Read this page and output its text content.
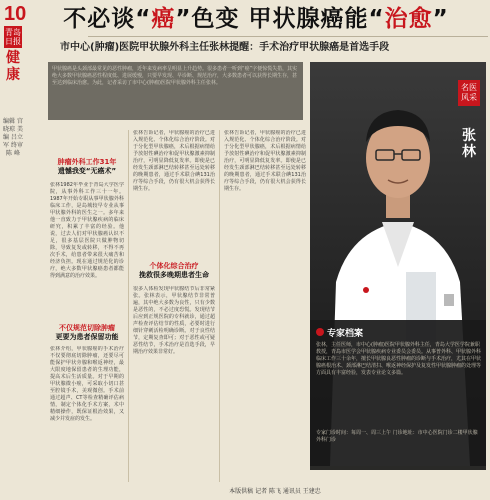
10
青岛日报
健康
编辑 宫晓琼 美编 吕立军 终审 陈 峰
不必谈“癌”色变 甲状腺癌能“治愈”
市中心(肿瘤)医院甲状腺外科主任张林提醒：手术治疗甲状腺癌是首选手段
甲状腺癌是头颈部最常见的恶性肿瘤，近年来发病率呈明显上升趋势。很多患者一听到“癌”字便惊慌失措，其实绝大多数甲状腺癌恶性程度低、进展缓慢，只要早发现、早诊断、规范治疗，大多数患者可以获得长期生存，甚至达到临床治愈。为此，记者采访了市中心(肿瘤)医院甲状腺外科主任张林。	名医风采
张林
专家档案
张林，主任医师，市中心(肿瘤)医院甲状腺外科主任，青岛大学医学院兼职教授，青岛市医学会甲状腺疾病专业委员会委员。从事普外科、甲状腺外科临床工作三十余年，擅长甲状腺良恶性肿瘤的诊断与手术治疗，尤其在甲状腺癌根治术、颈部淋巴结清扫、喉返神经保护及复发性甲状腺肿瘤的处理等方面具有丰富经验，发表专业论文多篇。
专家门诊时间：每周一、周三上午 门诊地址：市中心医院门诊二楼甲状腺外科门诊
肿瘤外科工作31年
遗憾我变“无癌术”
张林1982年毕业于青岛大学医学院，从事外科工作三十一年。1987年开始专职从事甲状腺外科临床工作，是岛城较早专业从事甲状腺外科的医生之一。多年来他一直致力于甲状腺疾病的临床研究，积累了丰富的经验。他说，过去人们对甲状腺癌认识不足，很多基层医院只做肿物切除，导致复发或转移，不得不再次手术，给患者带来很大痛苦和经济负担。现在通过规范化的诊疗，绝大多数甲状腺癌患者都能得到满意的治疗效果。
不仅规范切除肿瘤
更要为患者保留功能
张林介绍，甲状腺癌的手术治疗不仅要彻底切除肿瘤，还要尽可能保护甲状旁腺和喉返神经，最大限度地保留患者的生理功能，提高术后生活质量。对于早期的甲状腺微小癌，可采取小切口甚至腔镜手术，美观微创。手术前通过超声、CT等检查精确评估病情，制定个体化手术方案，术中精细操作，既保证根治效果，又减少并发症的发生。
张林告诉记者，甲状腺癌的治疗已进入规范化、个体化综合治疗阶段。对于分化型甲状腺癌，术后根据病情给予放射性碘治疗和促甲状腺激素抑制治疗，可明显降低复发率。即使是已经发生颈部淋巴结转移甚至远处转移的晚期患者，通过手术联合碘131治疗等综合手段，仍有很大机会获得长期生存。
个体化综合治疗
挽救很多晚期患者生命
很多人体检发现甲状腺结节后非常紧张。张林表示，甲状腺结节非常普遍，其中绝大多数为良性，只有少数是恶性的，不必过度恐慌。发现结节后应到正规医院的专科就诊，通过超声检查评估结节的性质，必要时进行细针穿刺活检明确诊断。对于良性结节，定期复查即可；对于恶性或可疑恶性结节，手术治疗是首选手段，早期治疗效果非常好。
张林告诉记者，甲状腺癌的治疗已进入规范化、个体化综合治疗阶段。对于分化型甲状腺癌，术后根据病情给予放射性碘治疗和促甲状腺激素抑制治疗，可明显降低复发率。即使是已经发生颈部淋巴结转移甚至远处转移的晚期患者，通过手术联合碘131治疗等综合手段，仍有很大机会获得长期生存。
本版供稿 记者 陈飞 通讯员 王建忠
